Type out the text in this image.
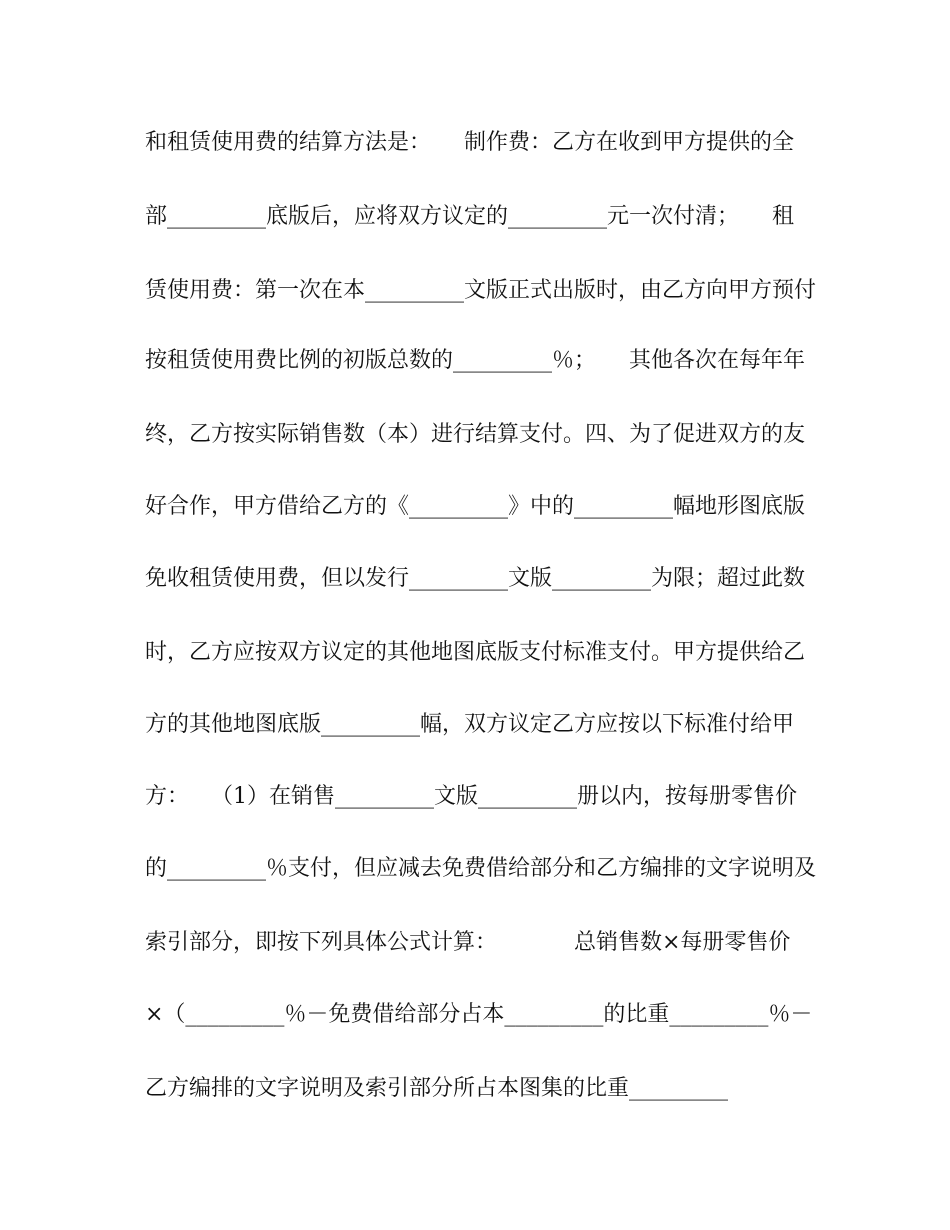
和租赁使用费的结算方法是：　　制作费：乙方在收到甲方提供的全
部_________底版后，应将双方议定的_________元一次付清；　　租
赁使用费：第一次在本_________文版正式出版时，由乙方向甲方预付
按租赁使用费比例的初版总数的_________％；　　其他各次在每年年
终，乙方按实际销售数（本）进行结算支付。四、为了促进双方的友
好合作，甲方借给乙方的《_________》中的_________幅地形图底版
免收租赁使用费，但以发行_________文版_________为限；超过此数
时，乙方应按双方议定的其他地图底版支付标准支付。甲方提供给乙
方的其他地图底版_________幅，双方议定乙方应按以下标准付给甲
方：　　（1）在销售_________文版_________册以内，按每册零售价
的_________％支付，但应减去免费借给部分和乙方编排的文字说明及
索引部分，即按下列具体公式计算：　　　　总销售数×每册零售价
×（_________％－免费借给部分占本_________的比重_________％－
乙方编排的文字说明及索引部分所占本图集的比重_________
